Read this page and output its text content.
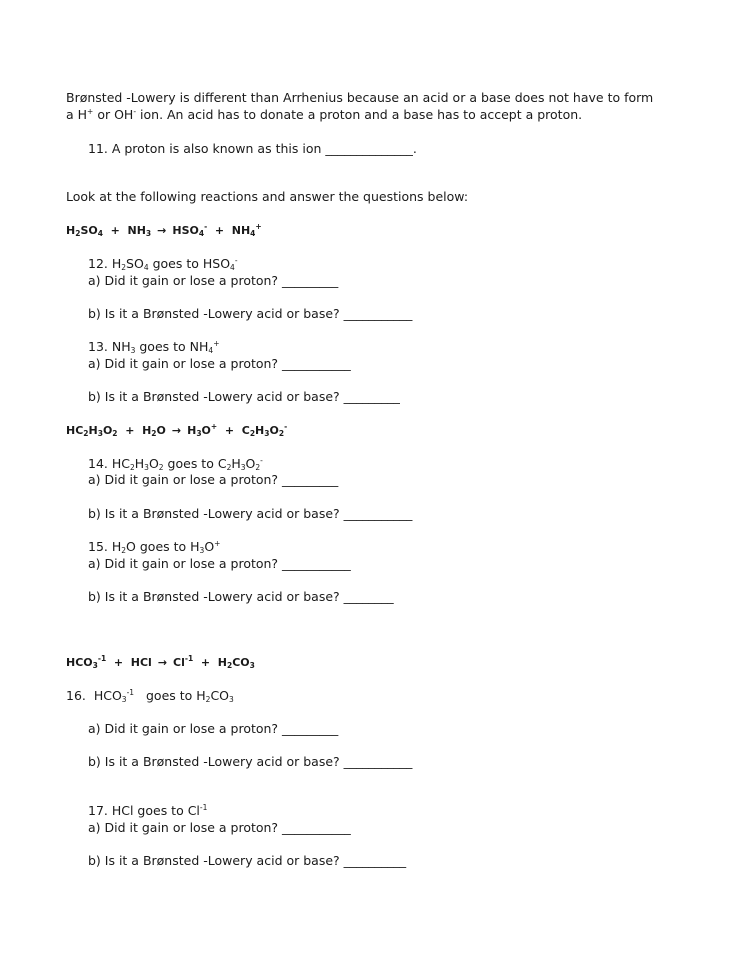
Brønsted -Lowery is different than Arrhenius because an acid or a base does not have to form
a H+ or OH- ion. An acid has to donate a proton and a base has to accept a proton.
11. A proton is also known as this ion ______________.
Look at the following reactions and answer the questions below:
$H_2SO_4 + NH_3 \to HSO_4^- + NH_4^+$
12. $H_2SO_4$ goes to $HSO_4^-$
a) Did it gain or lose a proton? _________
b) Is it a Brønsted -Lowery acid or base? ___________
13. $NH_3$ goes to $NH_4^+$
a) Did it gain or lose a proton? ___________
b) Is it a Brønsted -Lowery acid or base? _________
$HC_2H_3O_2 + H_2O \to H_3O^+ + C_2H_3O_2^-$
14. $HC_2H_3O_2$ goes to $C_2H_3O_2^-$
a) Did it gain or lose a proton? _________
b) Is it a Brønsted -Lowery acid or base? ___________
15. $H_2O$ goes to $H_3O^+$
a) Did it gain or lose a proton? ___________
b) Is it a Brønsted -Lowery acid or base? ________
$HCO_3^{-1}$ + HCl → $Cl^{-1} + H_2CO_3$
16.  $HCO_3^{-1}$   goes to $H_2CO_3$
a) Did it gain or lose a proton? _________
b) Is it a Brønsted -Lowery acid or base? ___________
17. HCl goes to $Cl^{-1}$
a) Did it gain or lose a proton? ___________
b) Is it a Brønsted -Lowery acid or base? __________
